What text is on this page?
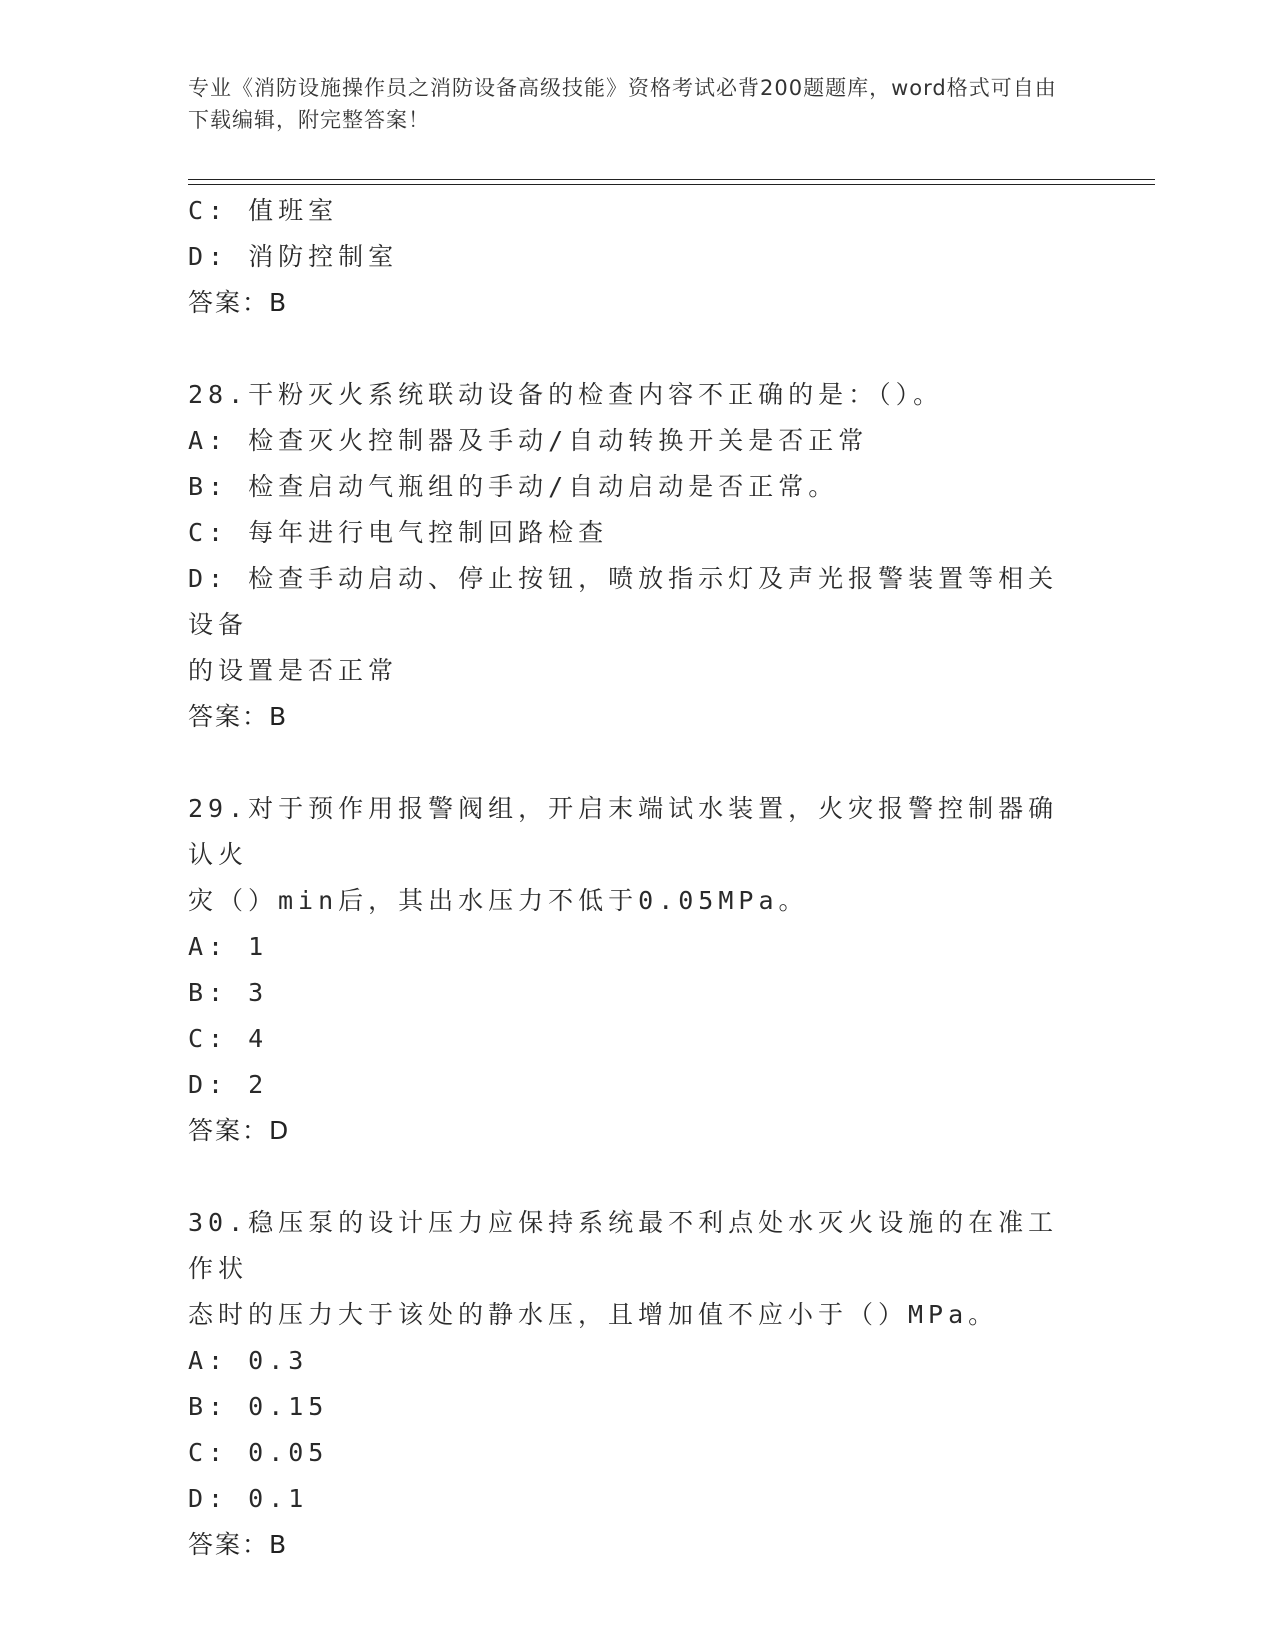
专业《消防设施操作员之消防设备高级技能》资格考试必背200题题库，word格式可自由下载编辑，附完整答案！
C: 值班室
D: 消防控制室
答案：B
28.干粉灭火系统联动设备的检查内容不正确的是：（）。
A: 检查灭火控制器及手动/自动转换开关是否正常
B: 检查启动气瓶组的手动/自动启动是否正常。
C: 每年进行电气控制回路检查
D: 检查手动启动、停止按钮，喷放指示灯及声光报警装置等相关设备
的设置是否正常
答案：B
29.对于预作用报警阀组，开启末端试水装置，火灾报警控制器确认火
灾（）min后，其出水压力不低于0.05MPa。
A: 1
B: 3
C: 4
D: 2
答案：D
30.稳压泵的设计压力应保持系统最不利点处水灭火设施的在准工作状
态时的压力大于该处的静水压，且增加值不应小于（）MPa。
A: 0.3
B: 0.15
C: 0.05
D: 0.1
答案：B
